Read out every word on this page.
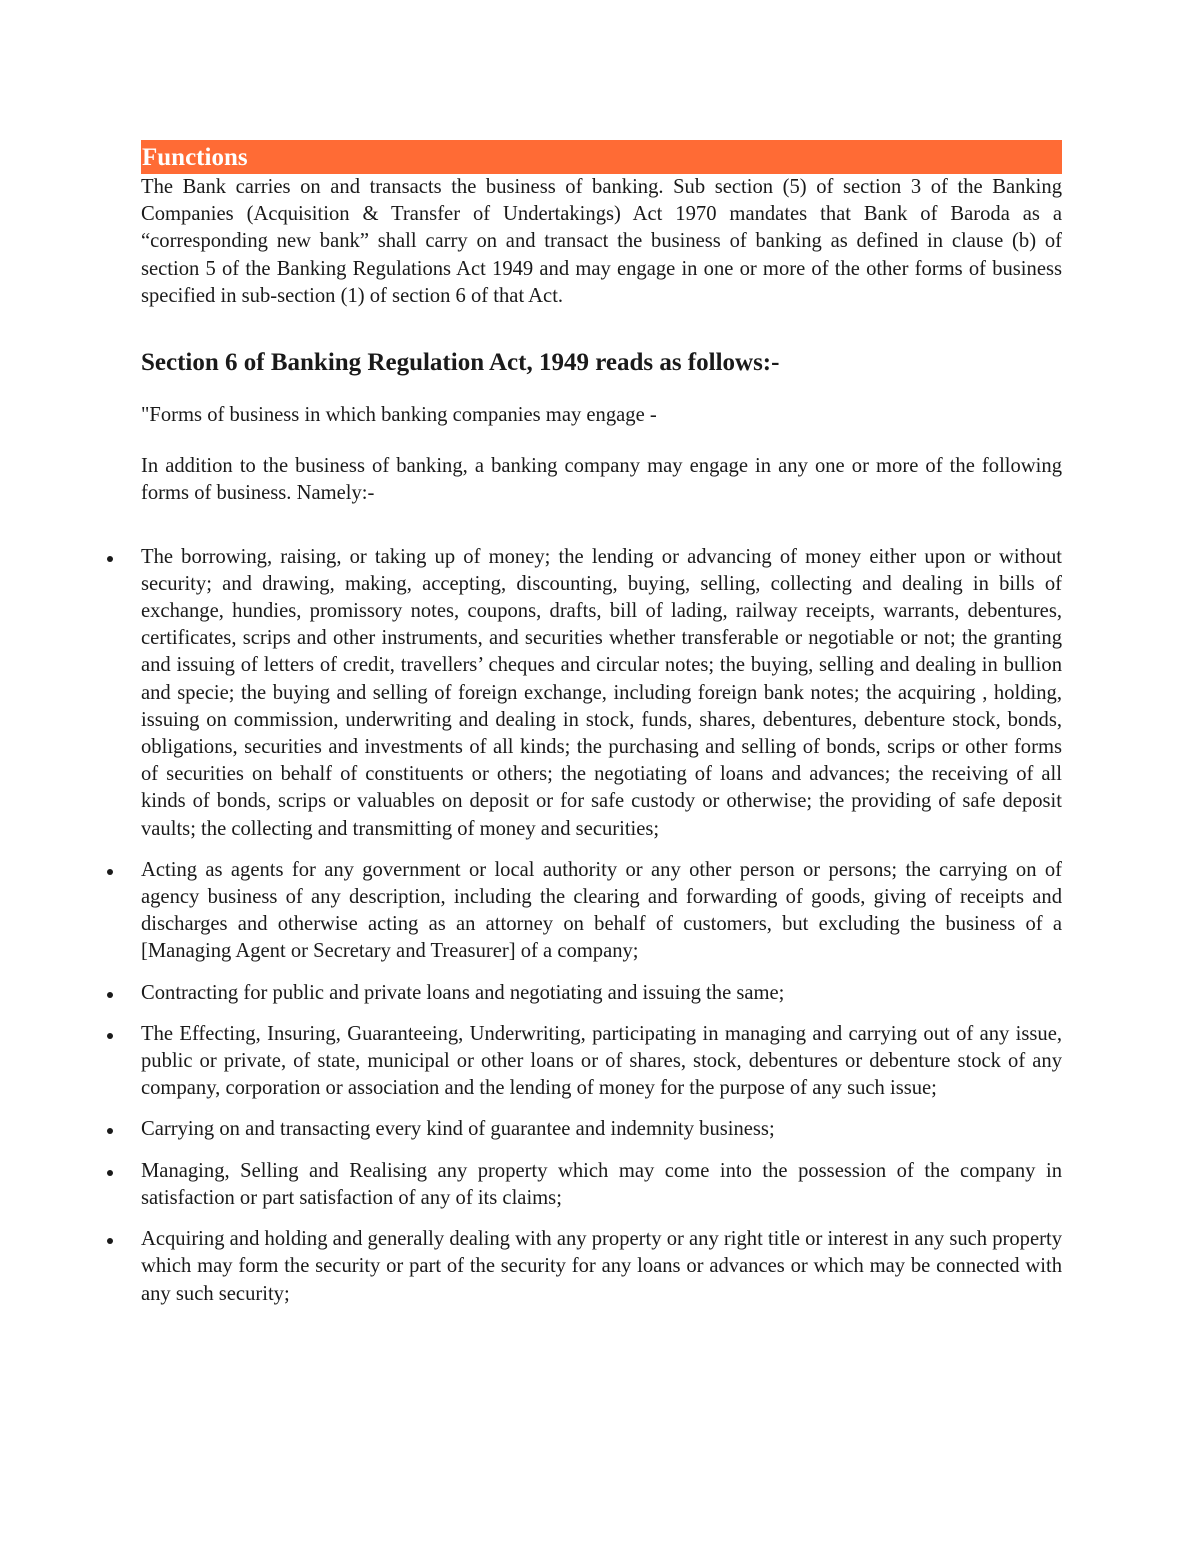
Functions

The Bank carries on and transacts the business of banking. Sub section (5) of section 3 of the Banking Companies (Acquisition & Transfer of Undertakings) Act 1970 mandates that Bank of Baroda as a “corresponding new bank” shall carry on and transact the business of banking as defined in clause (b) of section 5 of the Banking Regulations Act 1949 and may engage in one or more of the other forms of business specified in sub-section (1) of section 6 of that Act.

Section 6 of Banking Regulation Act, 1949 reads as follows:-

"Forms of business in which banking companies may engage -

In addition to the business of banking, a banking company may engage in any one or more of the following forms of business. Namely:-

The borrowing, raising, or taking up of money; the lending or advancing of money either upon or without security; and drawing, making, accepting, discounting, buying, selling, collecting and dealing in bills of exchange, hundies, promissory notes, coupons, drafts, bill of lading, railway receipts, warrants, debentures, certificates, scrips and other instruments, and securities whether transferable or negotiable or not; the granting and issuing of letters of credit, travellers’ cheques and circular notes; the buying, selling and dealing in bullion and specie; the buying and selling of foreign exchange, including foreign bank notes; the acquiring , holding, issuing on commission, underwriting and dealing in stock, funds, shares, debentures, debenture stock, bonds, obligations, securities and investments of all kinds; the purchasing and selling of bonds, scrips or other forms of securities on behalf of constituents or others; the negotiating of loans and advances; the receiving of all kinds of bonds, scrips or valuables on deposit or for safe custody or otherwise; the providing of safe deposit vaults; the collecting and transmitting of money and securities;
Acting as agents for any government or local authority or any other person or persons; the carrying on of agency business of any description, including the clearing and forwarding of goods, giving of receipts and discharges and otherwise acting as an attorney on behalf of customers, but excluding the business of a [Managing Agent or Secretary and Treasurer] of a company;
Contracting for public and private loans and negotiating and issuing the same;
The Effecting, Insuring, Guaranteeing, Underwriting, participating in managing and carrying out of any issue, public or private, of state, municipal or other loans or of shares, stock, debentures or debenture stock of any company, corporation or association and the lending of money for the purpose of any such issue;
Carrying on and transacting every kind of guarantee and indemnity business;
Managing, Selling and Realising any property which may come into the possession of the company in satisfaction or part satisfaction of any of its claims;
Acquiring and holding and generally dealing with any property or any right title or interest in any such property which may form the security or part of the security for any loans or advances or which may be connected with any such security;
